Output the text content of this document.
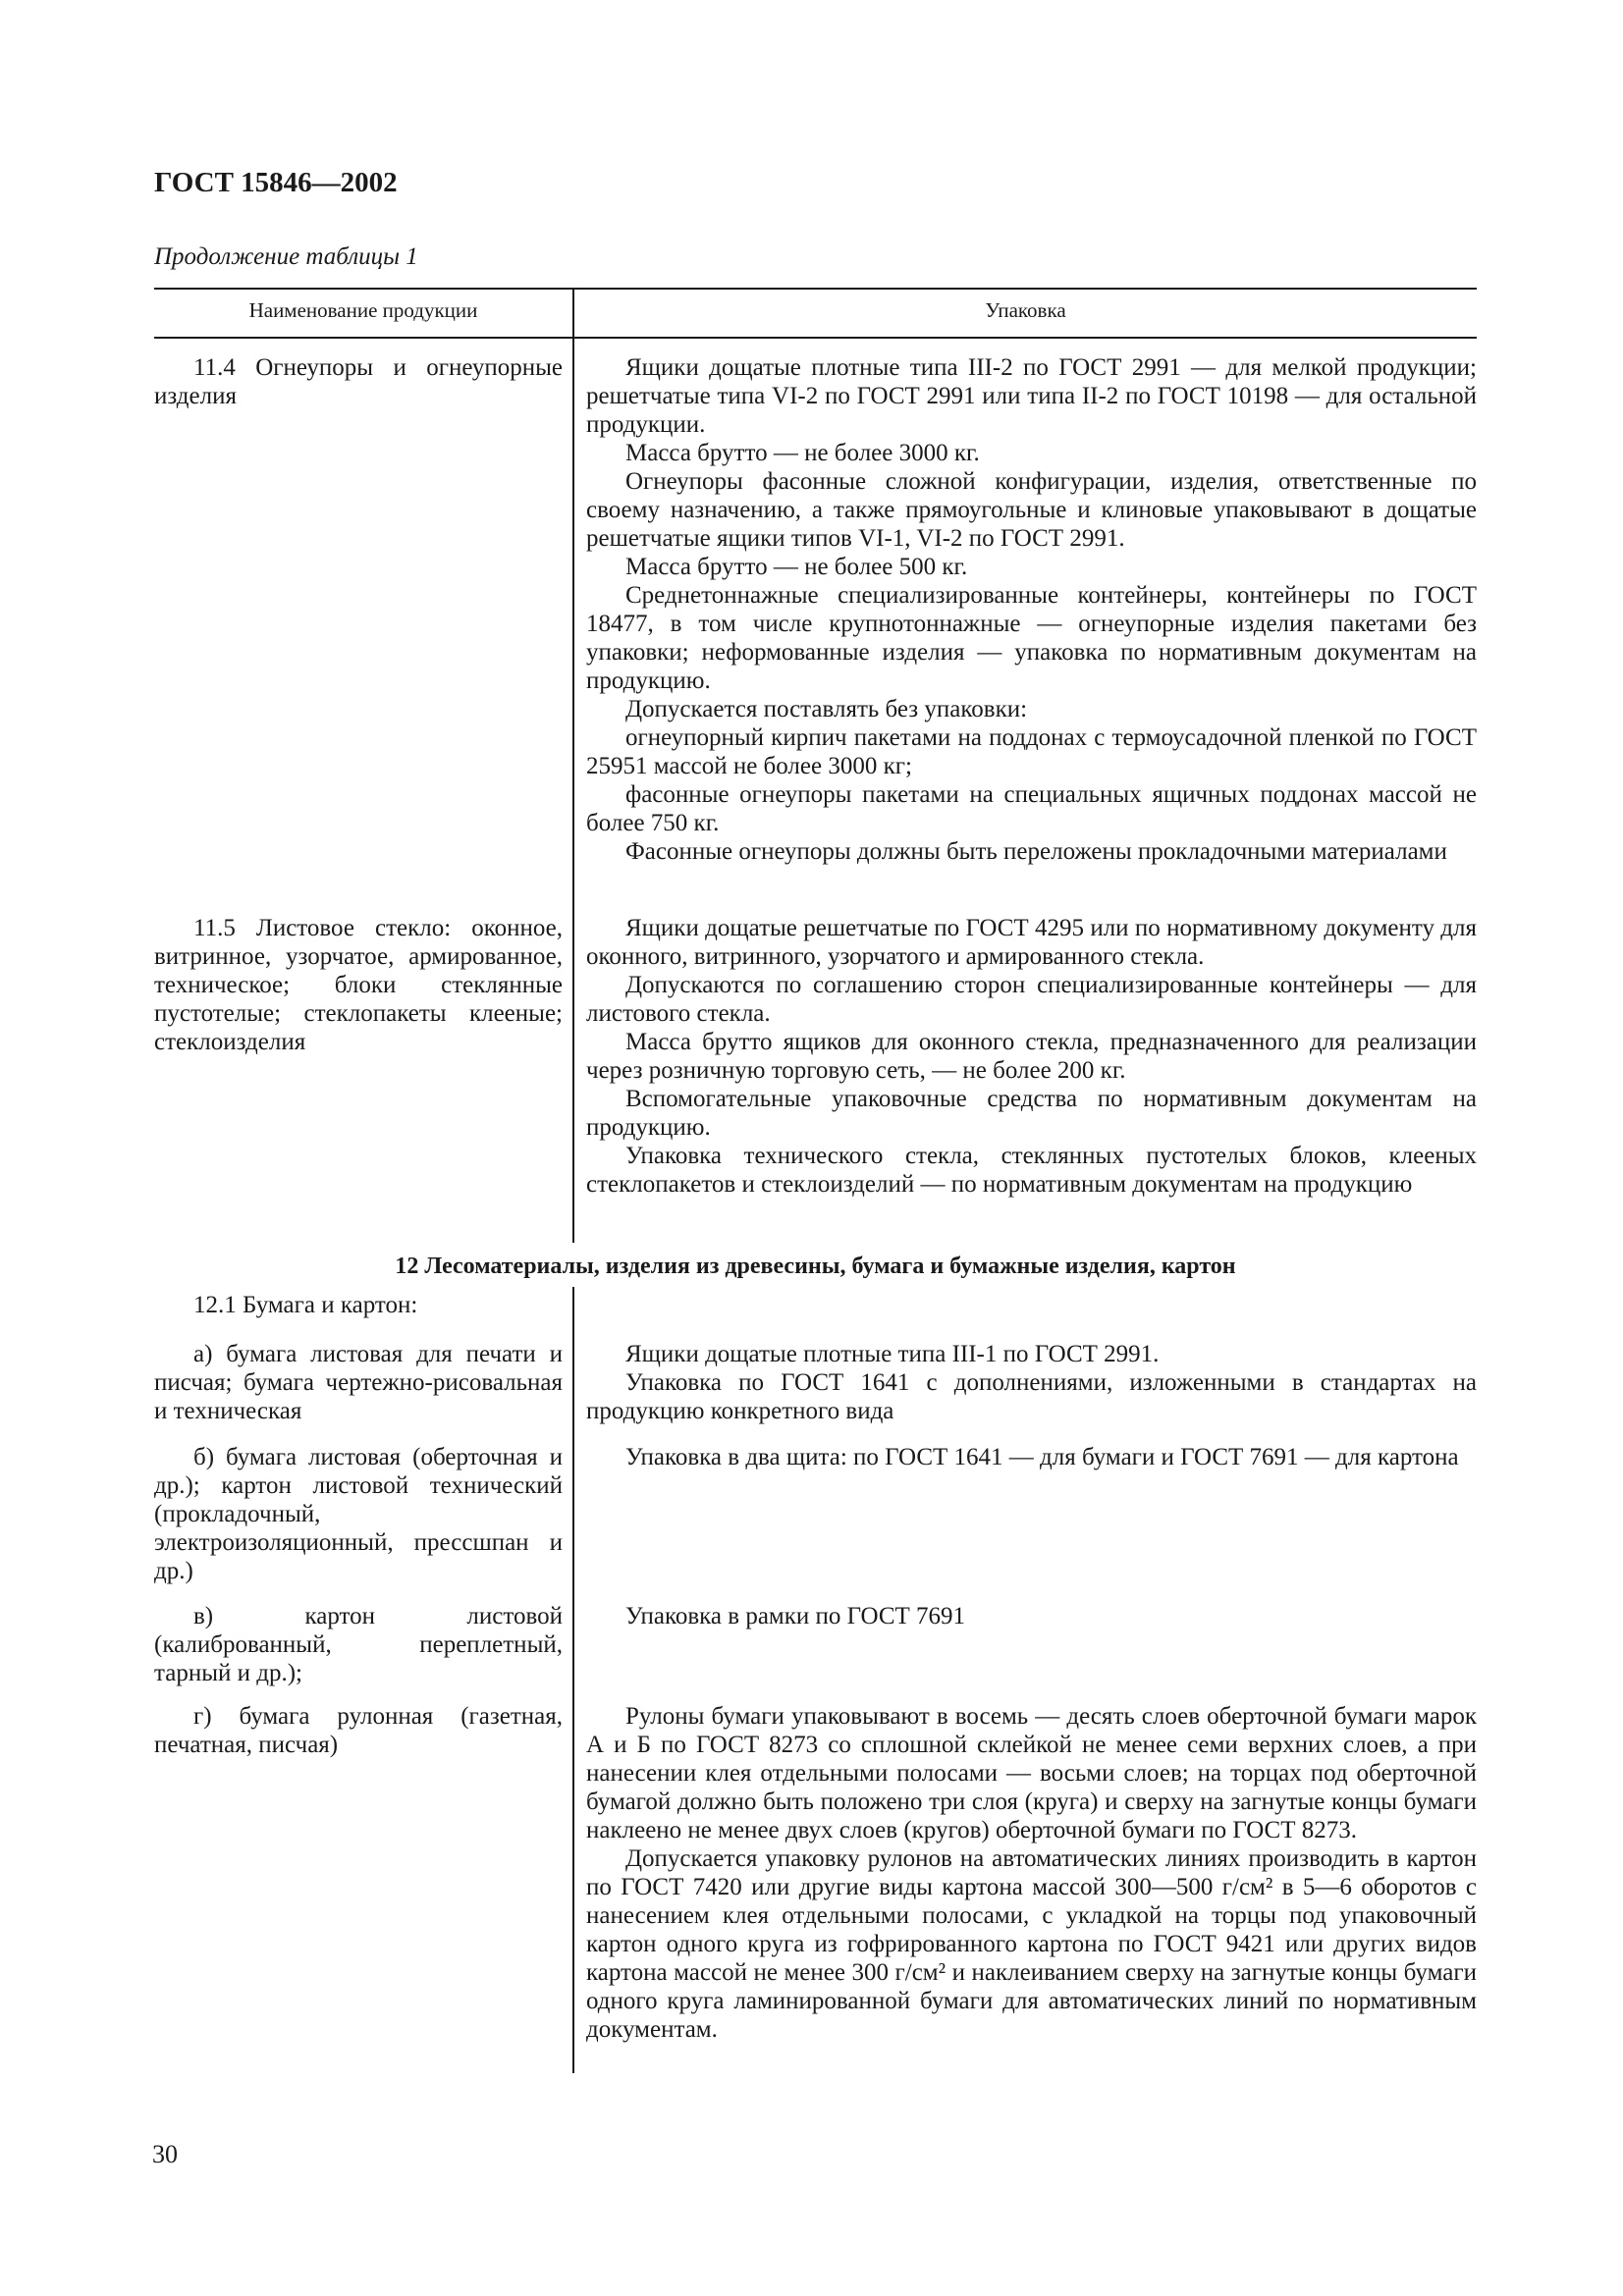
ГОСТ 15846—2002
Продолжение таблицы 1
Наименование продукции	Упаковка

11.4 Огнеупоры и огнеупорные изделия

Ящики дощатые плотные типа III-2 по ГОСТ 2991 — для мелкой продукции; решетчатые типа VI-2 по ГОСТ 2991 или типа II-2 по ГОСТ 10198 — для остальной продукции.

Масса брутто — не более 3000 кг.

Огнеупоры фасонные сложной конфигурации, изделия, ответственные по своему назначению, а также прямоугольные и клиновые упаковывают в дощатые решетчатые ящики типов VI-1, VI-2 по ГОСТ 2991.

Масса брутто — не более 500 кг.

Среднетоннажные специализированные контейнеры, контейнеры по ГОСТ 18477, в том числе крупнотоннажные — огнеупорные изделия пакетами без упаковки; неформованные изделия — упаковка по нормативным документам на продукцию.

Допускается поставлять без упаковки:

огнеупорный кирпич пакетами на поддонах с термоусадочной пленкой по ГОСТ 25951 массой не более 3000 кг;

фасонные огнеупоры пакетами на специальных ящичных поддонах массой не более 750 кг.

Фасонные огнеупоры должны быть переложены прокладочными материалами

11.5 Листовое стекло: оконное, витринное, узорчатое, армированное, техническое; блоки стеклянные пустотелые; стеклопакеты клееные; стеклоизделия

Ящики дощатые решетчатые по ГОСТ 4295 или по нормативному документу для оконного, витринного, узорчатого и армированного стекла.

Допускаются по соглашению сторон специализированные контейнеры — для листового стекла.

Масса брутто ящиков для оконного стекла, предназначенного для реализации через розничную торговую сеть, — не более 200 кг.

Вспомогательные упаковочные средства по нормативным документам на продукцию.

Упаковка технического стекла, стеклянных пустотелых блоков, клееных стеклопакетов и стеклоизделий — по нормативным документам на продукцию

12 Лесоматериалы, изделия из древесины, бумага и бумажные изделия, картон

12.1 Бумага и картон:

а) бумага листовая для печати и писчая; бумага чертежно-рисовальная и техническая

Ящики дощатые плотные типа III-1 по ГОСТ 2991.

Упаковка по ГОСТ 1641 с дополнениями, изложенными в стандартах на продукцию конкретного вида

б) бумага листовая (оберточная и др.); картон листовой технический (прокладочный, электроизоляционный, прессшпан и др.)

Упаковка в два щита: по ГОСТ 1641 — для бумаги и ГОСТ 7691 — для картона

в) картон листовой (калиброванный, переплетный, тарный и др.);

Упаковка в рамки по ГОСТ 7691

г) бумага рулонная (газетная, печатная, писчая)

Рулоны бумаги упаковывают в восемь — десять слоев оберточной бумаги марок А и Б по ГОСТ 8273 со сплошной склейкой не менее семи верхних слоев, а при нанесении клея отдельными полосами — восьми слоев; на торцах под оберточной бумагой должно быть положено три слоя (круга) и сверху на загнутые концы бумаги наклеено не менее двух слоев (кругов) оберточной бумаги по ГОСТ 8273.

Допускается упаковку рулонов на автоматических линиях производить в картон по ГОСТ 7420 или другие виды картона массой 300—500 г/см² в 5—6 оборотов с нанесением клея отдельными полосами, с укладкой на торцы под упаковочный картон одного круга из гофрированного картона по ГОСТ 9421 или других видов картона массой не менее 300 г/см² и наклеиванием сверху на загнутые концы бумаги одного круга ламинированной бумаги для автоматических линий по нормативным документам.

30
